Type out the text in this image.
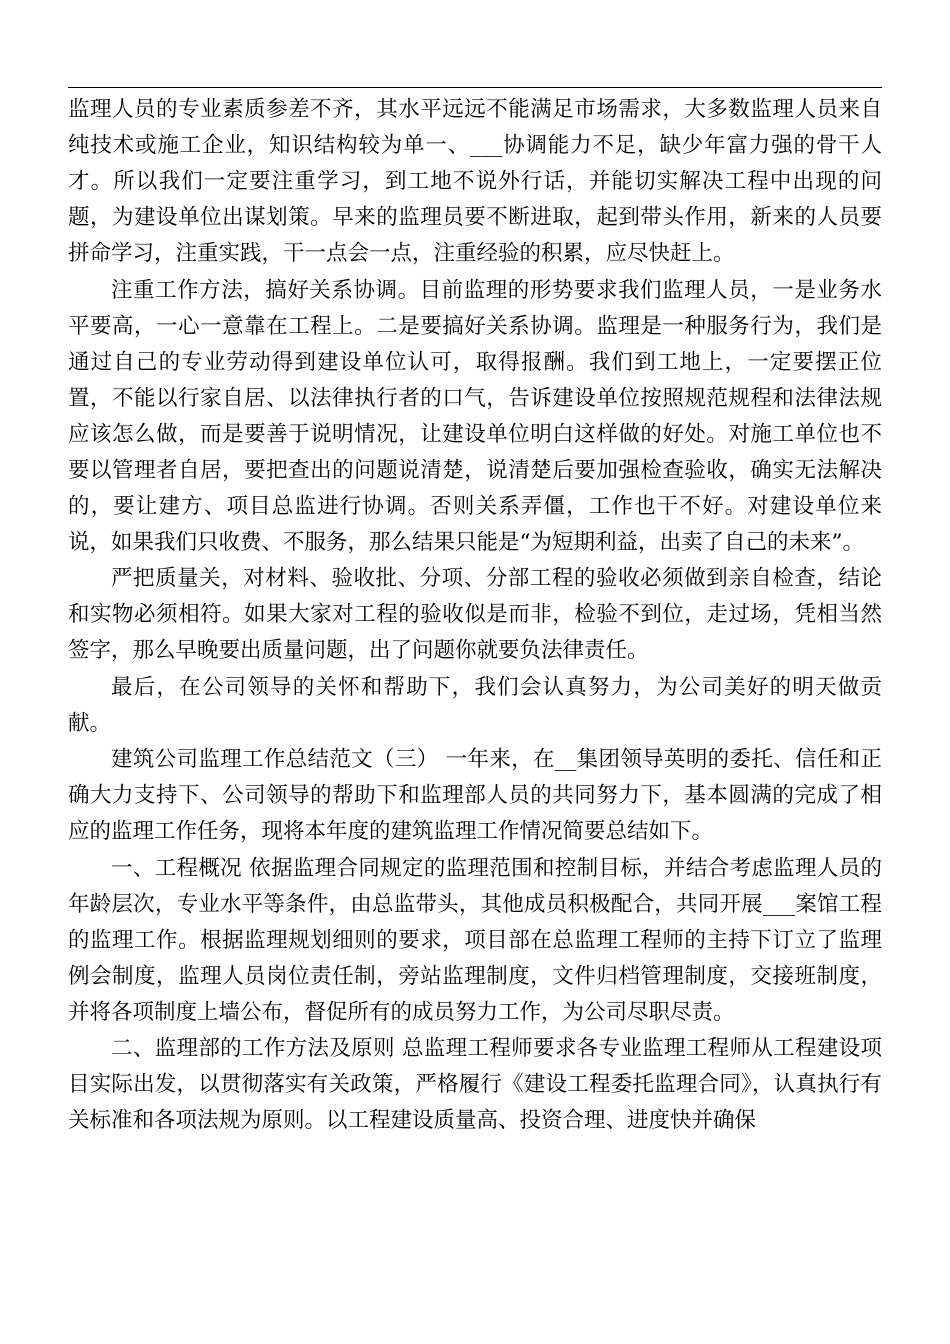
监理人员的专业素质参差不齐，其水平远远不能满足市场需求，大多数监理人员来自纯技术或施工企业，知识结构较为单一、___协调能力不足，缺少年富力强的骨干人才。所以我们一定要注重学习，到工地不说外行话，并能切实解决工程中出现的问题，为建设单位出谋划策。早来的监理员要不断进取，起到带头作用，新来的人员要拼命学习，注重实践，干一点会一点，注重经验的积累，应尽快赶上。

注重工作方法，搞好关系协调。目前监理的形势要求我们监理人员，一是业务水平要高，一心一意靠在工程上。二是要搞好关系协调。监理是一种服务行为，我们是通过自己的专业劳动得到建设单位认可，取得报酬。我们到工地上，一定要摆正位置，不能以行家自居、以法律执行者的口气，告诉建设单位按照规范规程和法律法规应该怎么做，而是要善于说明情况，让建设单位明白这样做的好处。对施工单位也不要以管理者自居，要把查出的问题说清楚，说清楚后要加强检查验收，确实无法解决的，要让建方、项目总监进行协调。否则关系弄僵，工作也干不好。对建设单位来说，如果我们只收费、不服务，那么结果只能是“为短期利益，出卖了自己的未来”。

严把质量关，对材料、验收批、分项、分部工程的验收必须做到亲自检查，结论和实物必须相符。如果大家对工程的验收似是而非，检验不到位，走过场，凭相当然签字，那么早晚要出质量问题，出了问题你就要负法律责任。

最后，在公司领导的关怀和帮助下，我们会认真努力，为公司美好的明天做贡献。

建筑公司监理工作总结范文（三） 一年来，在__集团领导英明的委托、信任和正确大力支持下、公司领导的帮助下和监理部人员的共同努力下，基本圆满的完成了相应的监理工作任务，现将本年度的建筑监理工作情况简要总结如下。

一、工程概况 依据监理合同规定的监理范围和控制目标，并结合考虑监理人员的年龄层次，专业水平等条件，由总监带头，其他成员积极配合，共同开展___案馆工程的监理工作。根据监理规划细则的要求，项目部在总监理工程师的主持下订立了监理例会制度，监理人员岗位责任制，旁站监理制度，文件归档管理制度，交接班制度，并将各项制度上墙公布，督促所有的成员努力工作，为公司尽职尽责。

二、监理部的工作方法及原则 总监理工程师要求各专业监理工程师从工程建设项目实际出发，以贯彻落实有关政策，严格履行《建设工程委托监理合同》，认真执行有关标准和各项法规为原则。以工程建设质量高、投资合理、进度快并确保
